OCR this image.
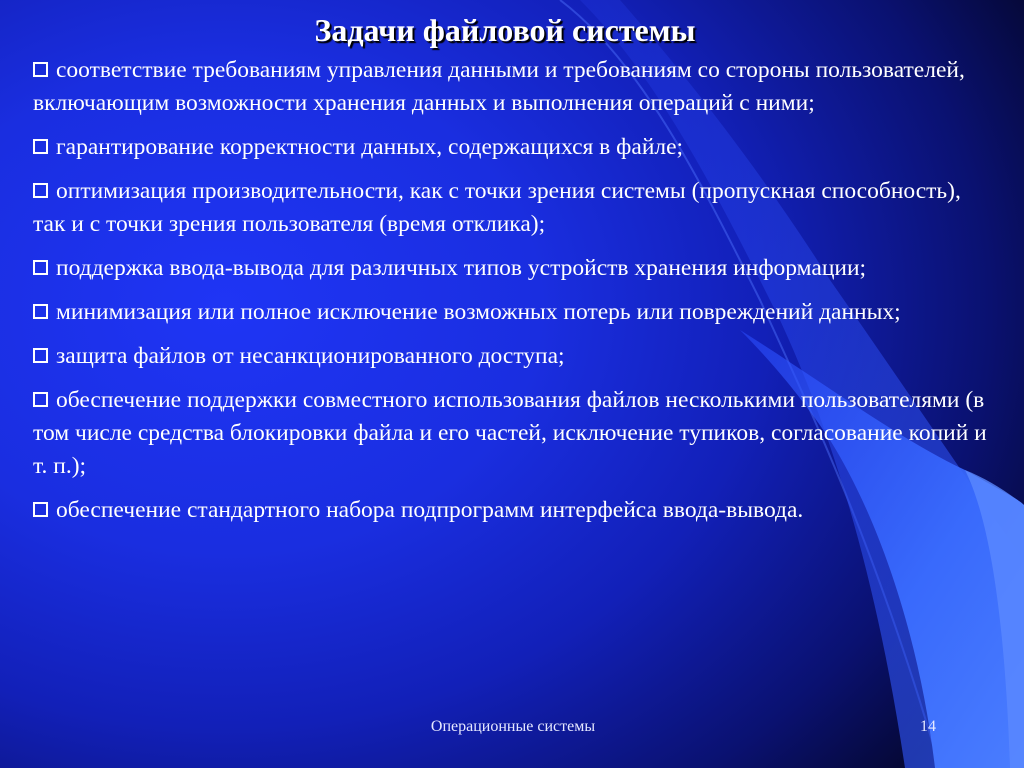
Задачи файловой системы
соответствие требованиям управления данными и требованиям со стороны пользователей, включающим возможности хранения данных и выполнения операций с ними;
гарантирование корректности данных, содержащихся в файле;
оптимизация производительности, как с точки зрения системы (пропускная способность), так и с точки зрения пользователя (время отклика);
поддержка ввода-вывода для различных типов устройств хранения информации;
минимизация или полное исключение возможных потерь или повреждений данных;
защита файлов от несанкционированного доступа;
обеспечение поддержки совместного использования файлов несколькими пользователями (в том числе средства блокировки файла и его частей, исключение тупиков, согласование копий и т. п.);
обеспечение стандартного набора подпрограмм интерфейса ввода-вывода.
Операционные системы	14
